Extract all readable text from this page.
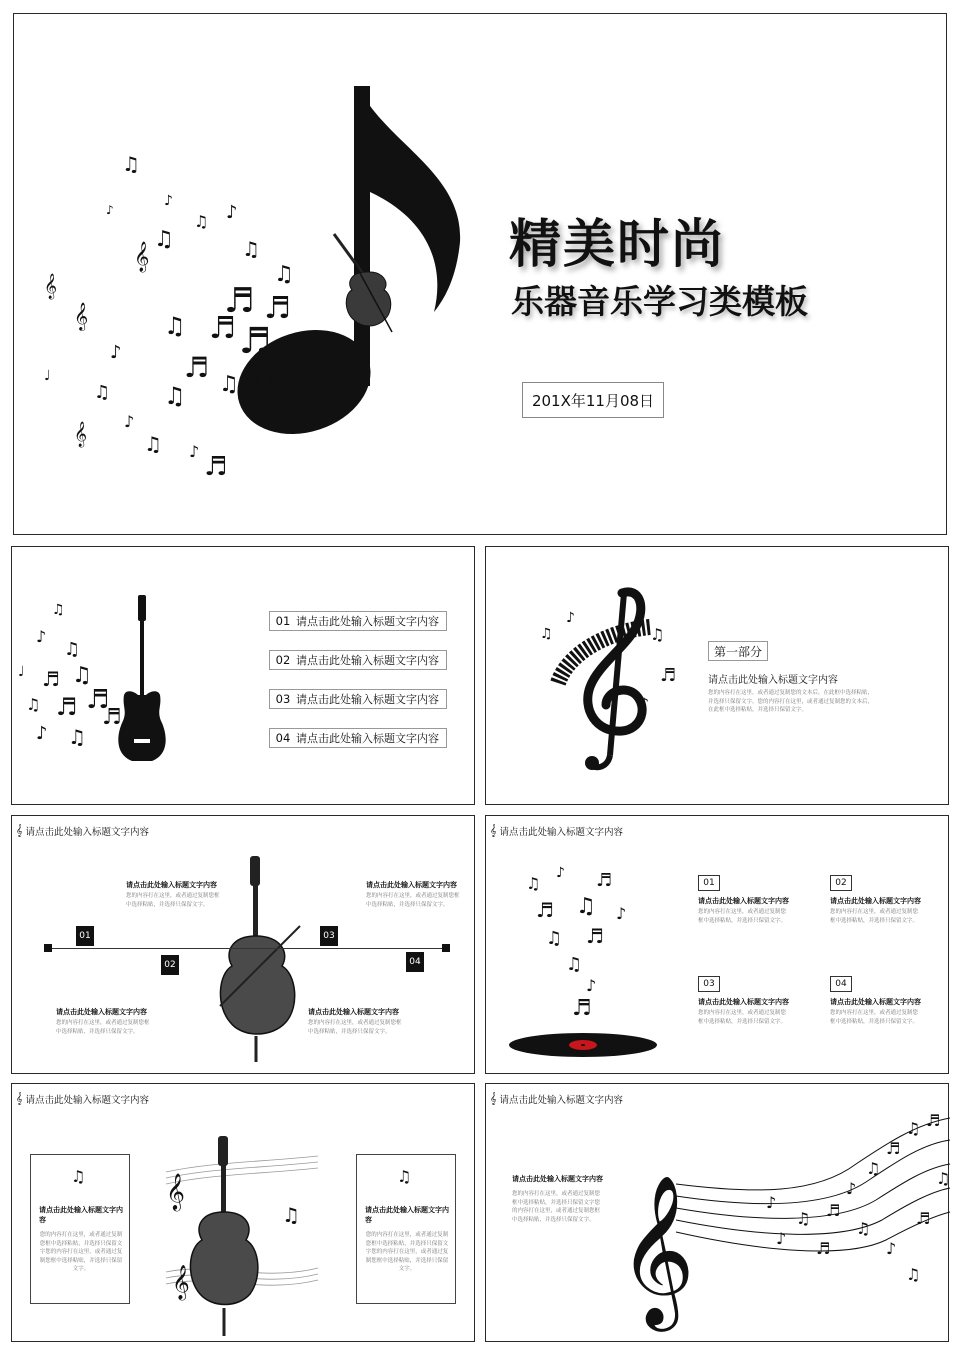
♫
♪
♪
𝄞
𝄞
𝄞
♫
♫ ♪
♫
♪
♩
♫
♪
𝄞	♫ ♪
♬
♫
♬
♬
♬
♬
♬
♬
♫
♫
♫	精美时尚
乐器音乐学习类模板
201X年11月08日
♫
♪
♫
♩ ♬ ♫
♫ ♬ ♬
♪ ♫
♬
01 请点击此处输入标题文字内容
02 请点击此处输入标题文字内容
03 请点击此处输入标题文字内容
04 请点击此处输入标题文字内容
♫
♪
♫
♬
♪
第一部分
请点击此处输入标题文字内容
您的内容打在这里，或者通过复制您的文本后，在此框中选择粘贴，并选择只保留文字。您的内容打在这里，或者通过复制您的文本后，在此框中选择粘贴，并选择只保留文字。
𝄞 请点击此处输入标题文字内容
01
02
03
04
请点击此处输入标题文字内容
您的内容打在这里，或者通过复制您框中选择粘贴，并选择只保留文字。
请点击此处输入标题文字内容
您的内容打在这里，或者通过复制您框中选择粘贴，并选择只保留文字。
请点击此处输入标题文字内容
您的内容打在这里，或者通过复制您框中选择粘贴，并选择只保留文字。
请点击此处输入标题文字内容
您的内容打在这里，或者通过复制您框中选择粘贴，并选择只保留文字。
𝄞 请点击此处输入标题文字内容
♫
♪ ♬
♬ ♫ ♪
♫ ♬
♫
♪
♬
01
请点击此处输入标题文字内容
您的内容打在这里，或者通过复制您框中选择粘贴，并选择只保留文字。
02
请点击此处输入标题文字内容
您的内容打在这里，或者通过复制您框中选择粘贴，并选择只保留文字。
03
请点击此处输入标题文字内容
您的内容打在这里，或者通过复制您框中选择粘贴，并选择只保留文字。
04
请点击此处输入标题文字内容
您的内容打在这里，或者通过复制您框中选择粘贴，并选择只保留文字。
𝄞 请点击此处输入标题文字内容
♫
请点击此处输入标题文字内容
您的内容打在这里，或者通过复制您框中选择粘贴，并选择只保留文字您的内容打在这里，或者通过复制您框中选择粘贴，并选择只保留文字。
♫
请点击此处输入标题文字内容
您的内容打在这里，或者通过复制您框中选择粘贴，并选择只保留文字您的内容打在这里，或者通过复制您框中选择粘贴，并选择只保留文字。
𝄞
𝄞
♫
𝄞 请点击此处输入标题文字内容
请点击此处输入标题文字内容
您的内容打在这里，或者通过复制您框中选择粘贴，并选择只保留文字您的内容打在这里，或者通过复制您框中选择粘贴，并选择只保留文字。 𝄞	♪
♫ ♬
♪
♫
♬
♫ ♬
♫
♪
♬
♫
♬
♪
♫
